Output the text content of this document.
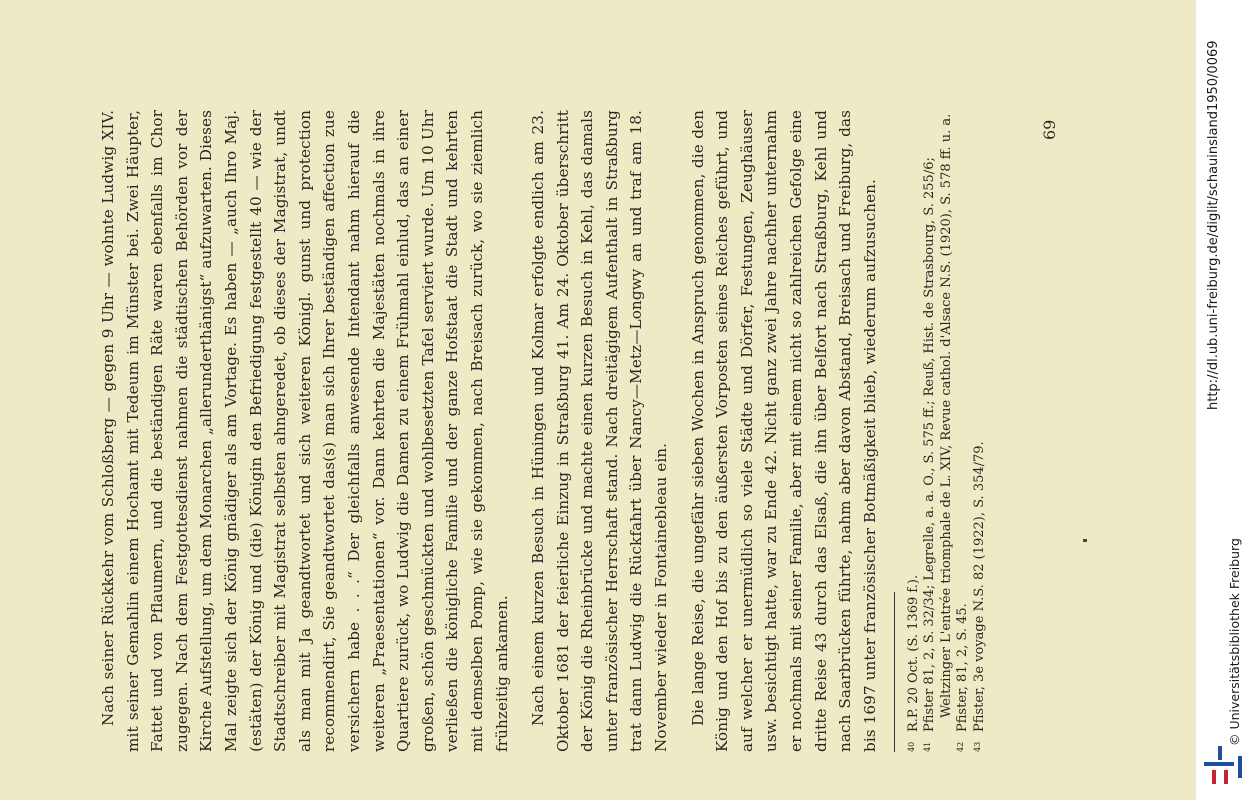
Nach seiner Rückkehr vom Schloßberg — gegen 9 Uhr — wohnte Ludwig XIV. mit seiner Gemahlin einem Hochamt mit Tedeum im Münster bei. Zwei Häupter, Fattet und von Pflaumern, und die beständigen Räte waren ebenfalls im Chor zugegen. Nach dem Festgottesdienst nahmen die städtischen Behörden vor der Kirche Aufstellung, um dem Monarchen „allerunderthänigst“ aufzuwarten. Dieses Mal zeigte sich der König gnädiger als am Vortage. Es haben — „auch Ihro Maj.(estäten) der König und (die) Königin den Befriedigung festgestellt 40 — wie der Stadtschreiber mit Magistrat selbsten ahngeredet, ob dieses der Magistrat, undt als man mit Ja geandtwortet und sich weiteren Königl. gunst und protection recommendirt, Sie geandtwortet das(s) man sich Ihrer beständigen affection zue versichern habe . . .“ Der gleichfalls anwesende Intendant nahm hierauf die weiteren „Praesentationen“ vor. Dann kehrten die Majestäten nochmals in ihre Quartiere zurück, wo Ludwig die Damen zu einem Frühmahl einlud, das an einer großen, schön geschmückten und wohlbesetzten Tafel serviert wurde. Um 10 Uhr verließen die königliche Familie und der ganze Hofstaat die Stadt und kehrten mit demselben Pomp, wie sie gekommen, nach Breisach zurück, wo sie ziemlich frühzeitig ankamen. Nach einem kurzen Besuch in Hüningen und Kolmar erfolgte endlich am 23. Oktober 1681 der feierliche Einzug in Straßburg 41. Am 24. Oktober überschritt der König die Rheinbrücke und machte einen kurzen Besuch in Kehl, das damals unter französischer Herrschaft stand. Nach dreitägigem Aufenthalt in Straßburg trat dann Ludwig die Rückfahrt über Nancy—Metz—Longwy an und traf am 18. November wieder in Fontainebleau ein. Die lange Reise, die ungefähr sieben Wochen in Anspruch genommen, die den König und den Hof bis zu den äußersten Vorposten seines Reiches geführt, und auf welcher er unermüdlich so viele Städte und Dörfer, Festungen, Zeughäuser usw. besichtigt hatte, war zu Ende 42. Nicht ganz zwei Jahre nachher unternahm er nochmals mit seiner Familie, aber mit einem nicht so zahlreichen Gefolge eine dritte Reise 43 durch das Elsaß, die ihn über Belfort nach Straßburg, Kehl und nach Saarbrücken führte, nahm aber davon Abstand, Breisach und Freiburg, das bis 1697 unter französischer Botmäßigkeit blieb, wiederum aufzusuchen.	40
R.P. 20 Oct. (S. 1369 f.).
41
Pfister 81, 2, S. 32/34; Legrelle, a. a. O., S. 575 ff.; Reuß, Hist. de Strasbourg, S. 255/6; Weltzinger L'entrée triomphale de L. XIV, Revue cathol. d'Alsace N.S. (1920), S. 578 ff. u. a.
42
Pfister, 81, 2, S. 45.
43
Pfister, 3e voyage N.S. 82 (1922), S. 354/79.
69	http://dl.ub.uni-freiburg.de/diglit/schauinsland1950/0069
© Universitätsbibliothek Freiburg
